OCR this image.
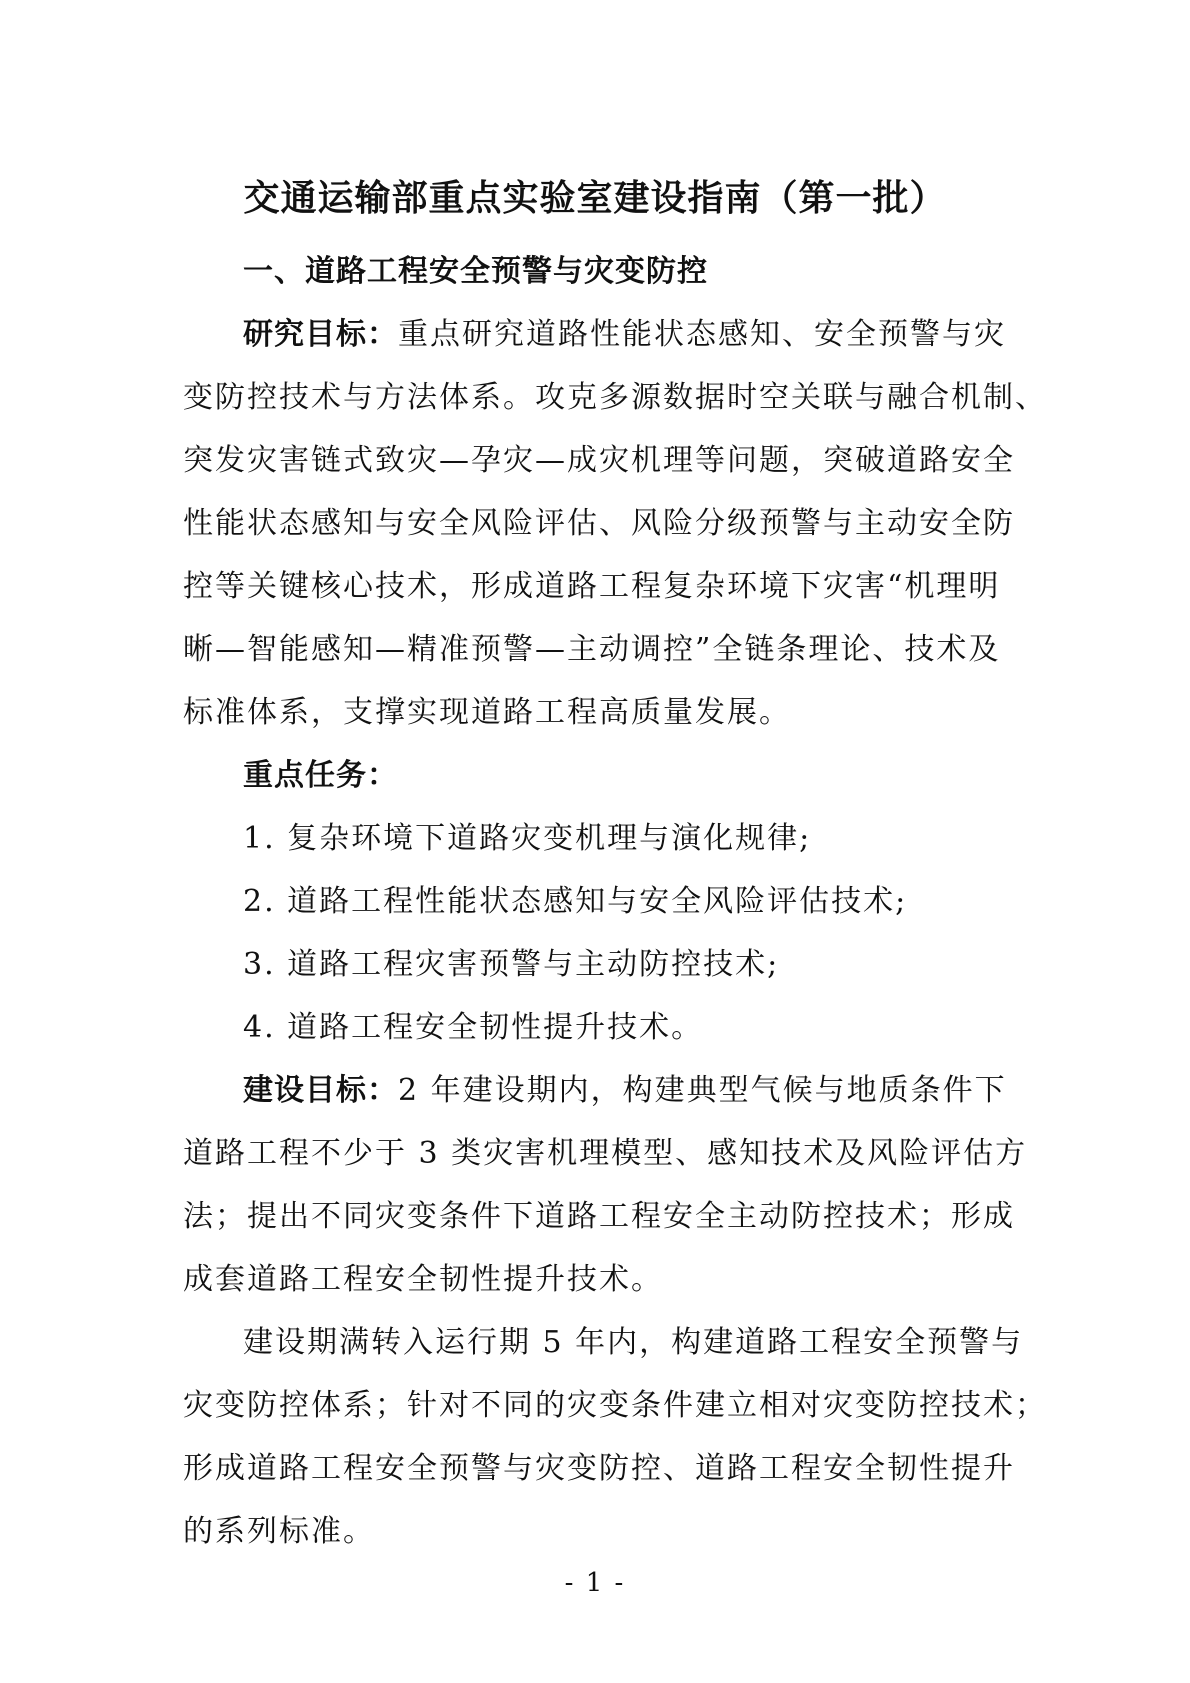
交通运输部重点实验室建设指南（第一批）
一、道路工程安全预警与灾变防控
研究目标：重点研究道路性能状态感知、安全预警与灾
变防控技术与方法体系。攻克多源数据时空关联与融合机制、
突发灾害链式致灾—孕灾—成灾机理等问题，突破道路安全
性能状态感知与安全风险评估、风险分级预警与主动安全防
控等关键核心技术，形成道路工程复杂环境下灾害“机理明
晰—智能感知—精准预警—主动调控”全链条理论、技术及
标准体系，支撑实现道路工程高质量发展。
重点任务：
1. 复杂环境下道路灾变机理与演化规律;
2. 道路工程性能状态感知与安全风险评估技术;
3. 道路工程灾害预警与主动防控技术;
4. 道路工程安全韧性提升技术。
建设目标：2 年建设期内，构建典型气候与地质条件下
道路工程不少于 3 类灾害机理模型、感知技术及风险评估方
法；提出不同灾变条件下道路工程安全主动防控技术；形成
成套道路工程安全韧性提升技术。
建设期满转入运行期 5 年内，构建道路工程安全预警与
灾变防控体系；针对不同的灾变条件建立相对灾变防控技术；
形成道路工程安全预警与灾变防控、道路工程安全韧性提升
的系列标准。
- 1 -
